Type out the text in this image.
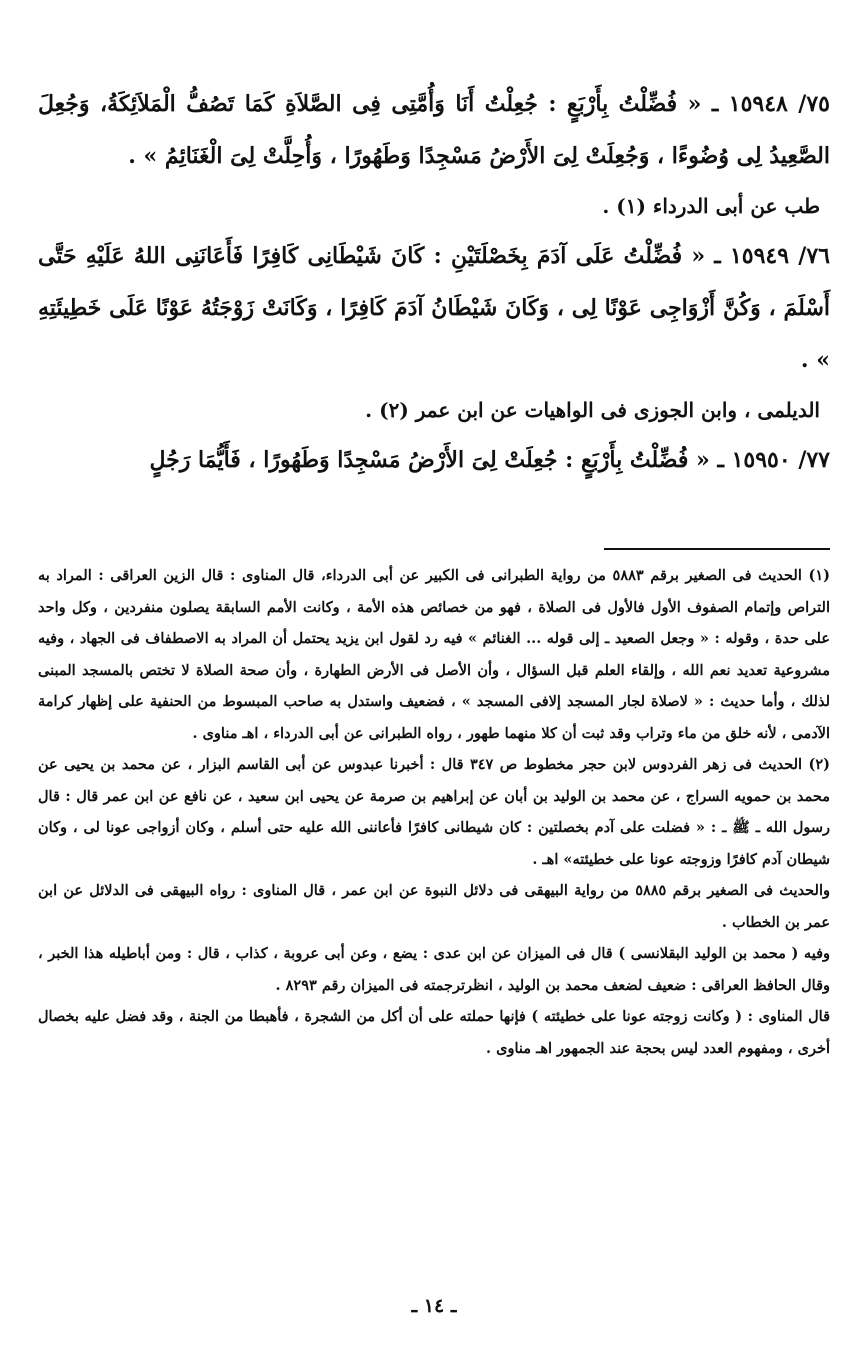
٧٥/ ١٥٩٤٨ ـ « فُضِّلْتُ بِأَرْبَعٍ : جُعِلْتُ أَنَا وَأُمَّتِى فِى الصَّلاَةِ كَمَا تَصُفُّ الْمَلاَئِكَةُ، وَجُعِلَ الصَّعِيدُ لِى وُضُوءًا ، وَجُعِلَتْ لِىَ الأَرْضُ مَسْجِدًا وَطَهُورًا ، وَأُحِلَّتْ لِىَ الْغَنَائِمُ » .

طب عن أبى الدرداء (١) .

٧٦/ ١٥٩٤٩ ـ « فُضِّلْتُ عَلَى آدَمَ بِخَصْلَتَيْنِ : كَانَ شَيْطَانِى كَافِرًا فَأَعَانَنِى اللهُ عَلَيْهِ حَتَّى أَسْلَمَ ، وَكُنَّ أَزْوَاجِى عَوْنًا لِى ، وَكَانَ شَيْطَانُ آدَمَ كَافِرًا ، وَكَانَتْ زَوْجَتُهُ عَوْنًا عَلَى خَطِيئَتِهِ » .

الديلمى ، وابن الجوزى فى الواهيات عن ابن عمر (٢) .

٧٧/ ١٥٩٥٠ ـ « فُضِّلْتُ بِأَرْبَعٍ : جُعِلَتْ لِىَ الأَرْضُ مَسْجِدًا وَطَهُورًا ، فَأَيُّمَا رَجُلٍ

(١) الحديث فى الصغير برقم ٥٨٨٣ من رواية الطبرانى فى الكبير عن أبى الدرداء، قال المناوى : قال الزين العراقى : المراد به التراص وإتمام الصفوف الأول فالأول فى الصلاة ، فهو من خصائص هذه الأمة ، وكانت الأمم السابقة يصلون منفردين ، وكل واحد على حدة ، وقوله : « وجعل الصعيد ـ إلى قوله ... الغنائم » فيه رد لقول ابن يزيد يحتمل أن المراد به الاصطفاف فى الجهاد ، وفيه مشروعية تعديد نعم الله ، وإلقاء العلم قبل السؤال ، وأن الأصل فى الأرض الطهارة ، وأن صحة الصلاة لا تختص بالمسجد المبنى لذلك ، وأما حديث : « لاصلاة لجار المسجد إلافى المسجد » ، فضعيف واستدل به صاحب المبسوط من الحنفية على إظهار كرامة الآدمى ، لأنه خلق من ماء وتراب وقد ثبت أن كلا منهما طهور ، رواه الطبرانى عن أبى الدرداء ، اهـ مناوى .

(٢) الحديث فى زهر الفردوس لابن حجر مخطوط ص ٣٤٧ قال : أخبرنا عبدوس عن أبى القاسم البزار ، عن محمد بن يحيى عن محمد بن حمويه السراج ، عن محمد بن الوليد بن أبان عن إبراهيم بن صرمة عن يحيى ابن سعيد ، عن نافع عن ابن عمر قال : قال رسول الله ـ ﷺ ـ : « فضلت على آدم بخصلتين : كان شيطانى كافرًا فأعاننى الله عليه حتى أسلم ، وكان أزواجى عونا لى ، وكان شيطان آدم كافرًا وزوجته عونا على خطيئته» اهـ .

والحديث فى الصغير برقم ٥٨٨٥ من رواية البيهقى فى دلائل النبوة عن ابن عمر ، قال المناوى : رواه البيهقى فى الدلائل عن ابن عمر بن الخطاب .

وفيه ( محمد بن الوليد البقلانسى ) قال فى الميزان عن ابن عدى : يضع ، وعن أبى عروبة ، كذاب ، قال : ومن أباطيله هذا الخبر ، وقال الحافظ العراقى : ضعيف لضعف محمد بن الوليد ، انظرترجمته فى الميزان رقم ٨٢٩٣ .

قال المناوى : ( وكانت زوجته عونا على خطيئته ) فإنها حملته على أن أكل من الشجرة ، فأهبطا من الجنة ، وقد فضل عليه بخصال أخرى ، ومفهوم العدد ليس بحجة عند الجمهور اهـ مناوى .

ـ ١٤ ـ
